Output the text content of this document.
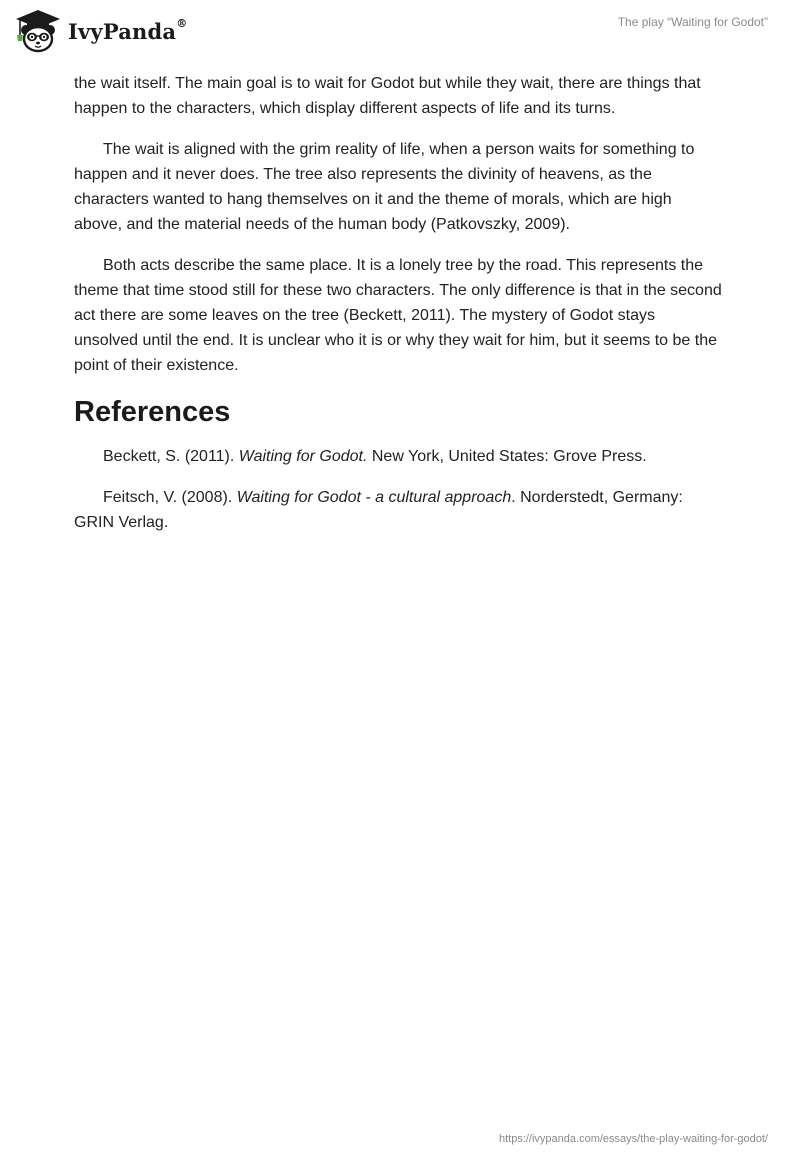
IvyPanda®	The play “Waiting for Godot”

the wait itself. The main goal is to wait for Godot but while they wait, there are things that happen to the characters, which display different aspects of life and its turns.

The wait is aligned with the grim reality of life, when a person waits for something to happen and it never does. The tree also represents the divinity of heavens, as the characters wanted to hang themselves on it and the theme of morals, which are high above, and the material needs of the human body (Patkovszky, 2009).

Both acts describe the same place. It is a lonely tree by the road. This represents the theme that time stood still for these two characters. The only difference is that in the second act there are some leaves on the tree (Beckett, 2011). The mystery of Godot stays unsolved until the end. It is unclear who it is or why they wait for him, but it seems to be the point of their existence.

References

Beckett, S. (2011). Waiting for Godot. New York, United States: Grove Press.

Feitsch, V. (2008). Waiting for Godot - a cultural approach. Norderstedt, Germany: GRIN Verlag.

https://ivypanda.com/essays/the-play-waiting-for-godot/
